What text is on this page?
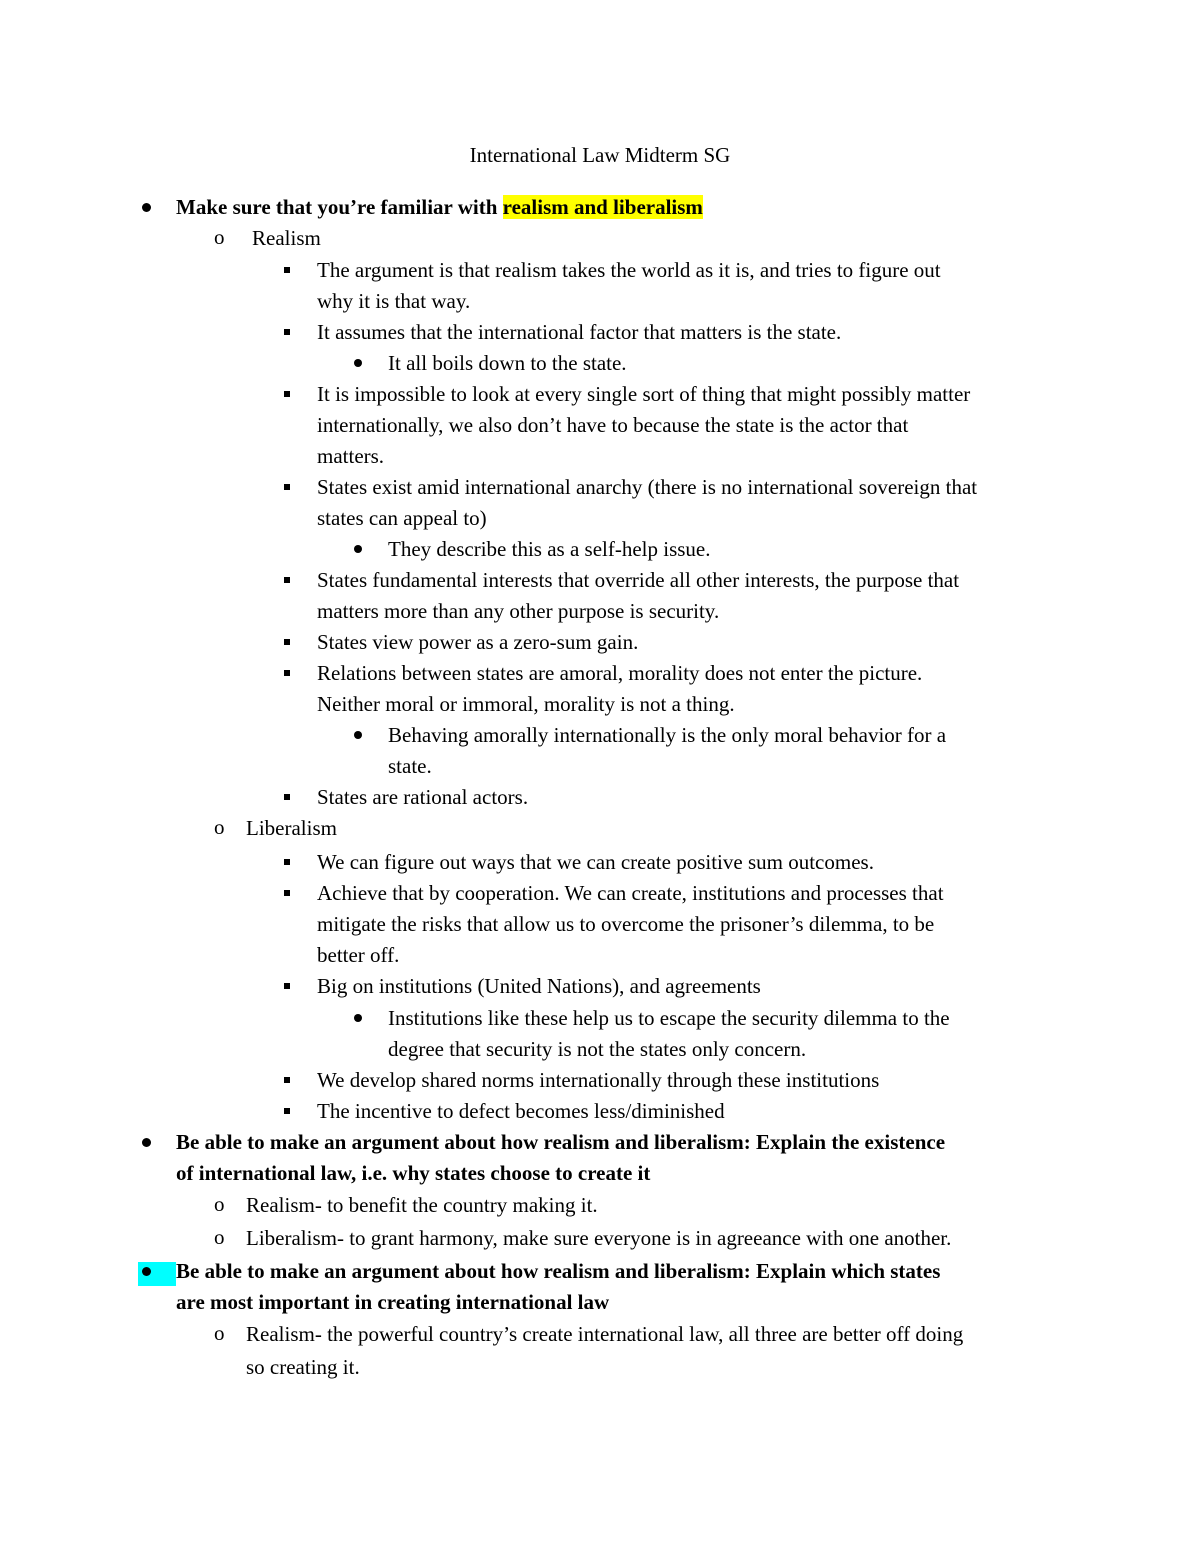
International Law Midterm SG
Make sure that you’re familiar with realism and liberalism
o Realism
The argument is that realism takes the world as it is, and tries to figure out
why it is that way.
It assumes that the international factor that matters is the state.
It all boils down to the state.
It is impossible to look at every single sort of thing that might possibly matter
internationally, we also don’t have to because the state is the actor that
matters.
States exist amid international anarchy (there is no international sovereign that
states can appeal to)
They describe this as a self-help issue.
States fundamental interests that override all other interests, the purpose that
matters more than any other purpose is security.
States view power as a zero-sum gain.
Relations between states are amoral, morality does not enter the picture.
Neither moral or immoral, morality is not a thing.
Behaving amorally internationally is the only moral behavior for a
state.
States are rational actors.
o Liberalism
We can figure out ways that we can create positive sum outcomes.
Achieve that by cooperation. We can create, institutions and processes that
mitigate the risks that allow us to overcome the prisoner’s dilemma, to be
better off.
Big on institutions (United Nations), and agreements
Institutions like these help us to escape the security dilemma to the
degree that security is not the states only concern.
We develop shared norms internationally through these institutions
The incentive to defect becomes less/diminished
Be able to make an argument about how realism and liberalism: Explain the existence
of international law, i.e. why states choose to create it
o Realism- to benefit the country making it.
o Liberalism- to grant harmony, make sure everyone is in agreeance with one another.
Be able to make an argument about how realism and liberalism: Explain which states
are most important in creating international law
o Realism- the powerful country’s create international law, all three are better off doing
so creating it.
